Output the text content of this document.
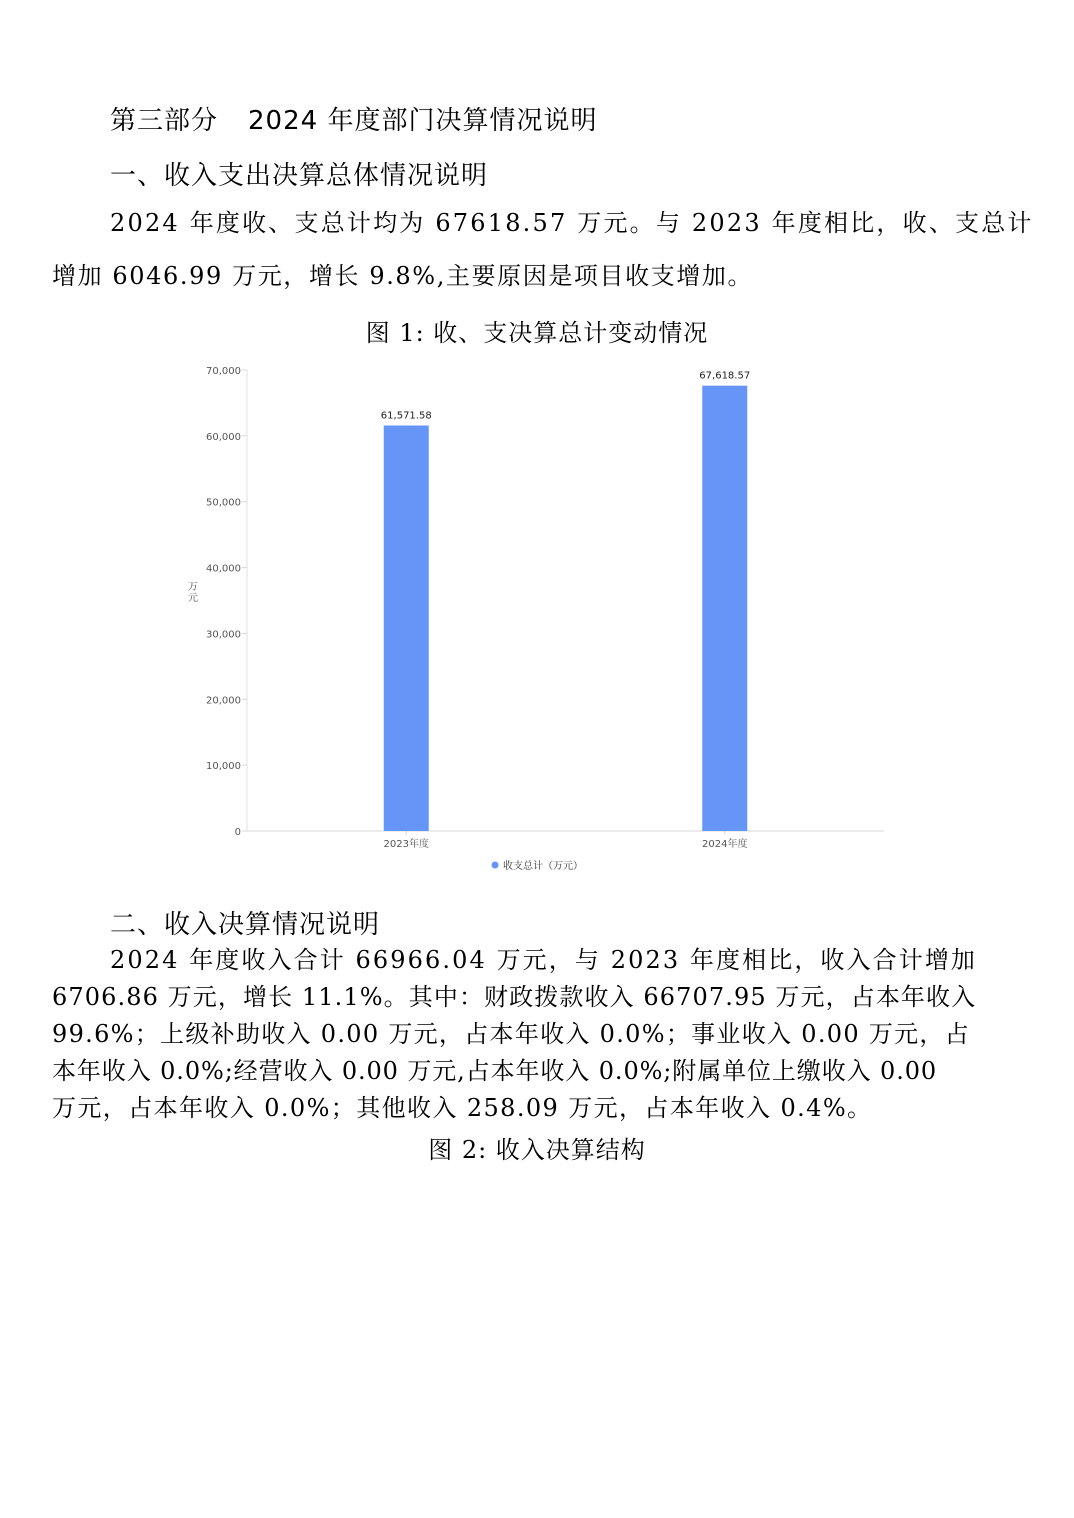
第三部分 2024 年度部门决算情况说明
一、收入支出决算总体情况说明
2024 年度收、支总计均为 67618.57 万元。与 2023 年度相比，收、支总计
增加 6046.99 万元，增长 9.8%,主要原因是项目收支增加。
图 1: 收、支决算总计变动情况
0
10,000
20,000
30,000
40,000
50,000
60,000
70,000
万元
61,571.58
2023年度
67,618.57
2024年度
收支总计（万元）
二、收入决算情况说明
2024 年度收入合计 66966.04 万元，与 2023 年度相比，收入合计增加
6706.86 万元，增长 11.1%。其中：财政拨款收入 66707.95 万元，占本年收入
99.6%；上级补助收入 0.00 万元，占本年收入 0.0%；事业收入 0.00 万元，占
本年收入 0.0%;经营收入 0.00 万元,占本年收入 0.0%;附属单位上缴收入 0.00
万元，占本年收入 0.0%；其他收入 258.09 万元，占本年收入 0.4%。
图 2: 收入决算结构
